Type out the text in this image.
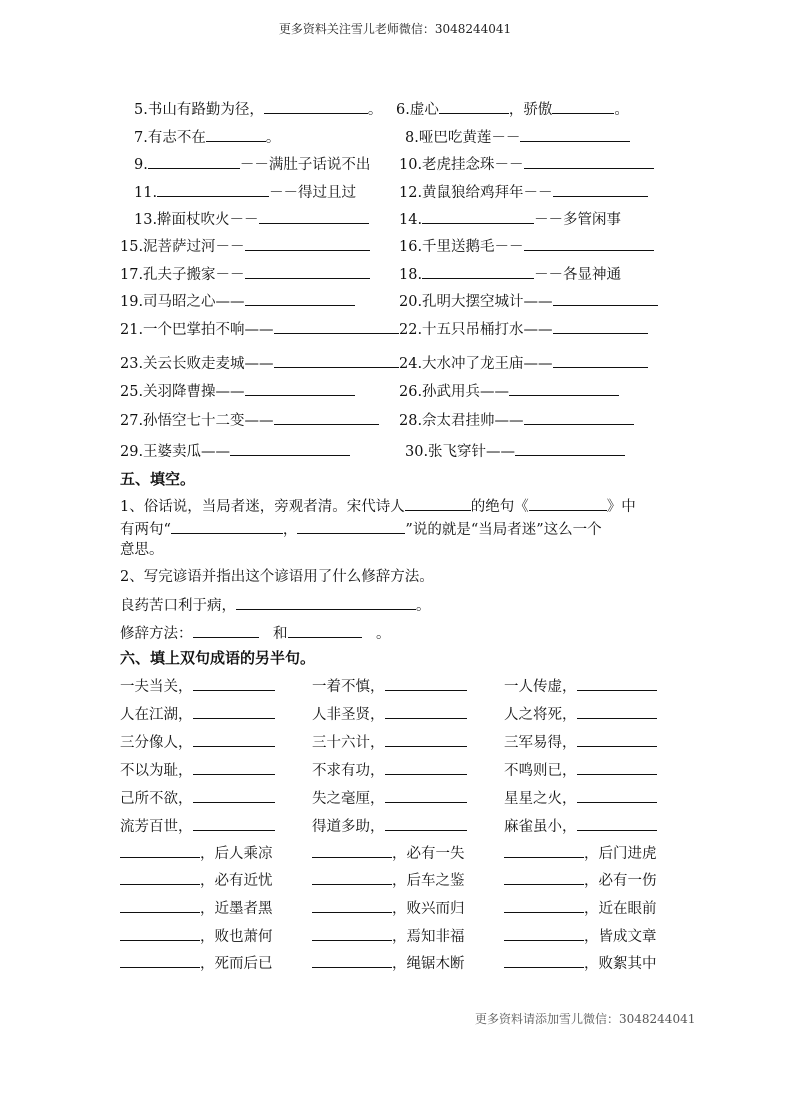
更多资料关注雪儿老师微信：3048244041
5.书山有路勤为径，	。 6.虚心	，骄傲	。
7.有志不在	。	8.哑巴吃黄莲－－
9.	－－满肚子话说不出 10.老虎挂念珠－－
11.	－－得过且过	12.黄鼠狼给鸡拜年－－
13.擀面杖吹火－－	14.	－－多管闲事
15.泥菩萨过河－－	16.千里送鹅毛－－
17.孔夫子搬家－－	18.	－－各显神通
19.司马昭之心——	20.孔明大摆空城计——
21.一个巴掌拍不响——	22.十五只吊桶打水——
23.关云长败走麦城——	24.大水冲了龙王庙——
25.关羽降曹操——	26.孙武用兵——
27.孙悟空七十二变——	28.佘太君挂帅——
29.王婆卖瓜——	30.张飞穿针——
五、填空。
1、俗话说，当局者迷，旁观者清。宋代诗人	的绝句《	》中
有两句“	，	”说的就是“当局者迷”这么一个
意思。
2、写完谚语并指出这个谚语用了什么修辞方法。
良药苦口利于病，	。
修辞方法：　	和　	。
六、填上双句成语的另半句。
一夫当关，	一着不慎，	一人传虚，
人在江湖，	人非圣贤，	人之将死，
三分像人，	三十六计，	三军易得，
不以为耻，	不求有功，	不鸣则已，
己所不欲，	失之毫厘，	星星之火，
流芳百世，	得道多助，	麻雀虽小，
，后人乘凉	，必有一失	，后门进虎
，必有近忧	，后车之鉴	，必有一伤
，近墨者黑	，败兴而归	，近在眼前
，败也萧何	，焉知非福	，皆成文章
，死而后已	，绳锯木断	，败絮其中
更多资料请添加雪儿微信：3048244041
